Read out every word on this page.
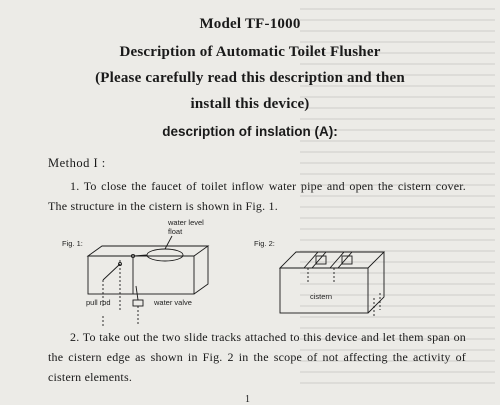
Model TF-1000
Description of Automatic Toilet Flusher
(Please carefully read this description and then
install this device)
description of inslation (A):
Method I :
1. To close the faucet of toilet inflow water pipe and open the cistern cover. The structure in the cistern is shown in Fig. 1.
Fig. 1:
water level
float
pull rod	water valve
Fig. 2:
cistern
2. To take out the two slide tracks attached to this device and let them span on the cistern edge as shown in Fig. 2 in the scope of not affecting the activity of cistern elements.
1
